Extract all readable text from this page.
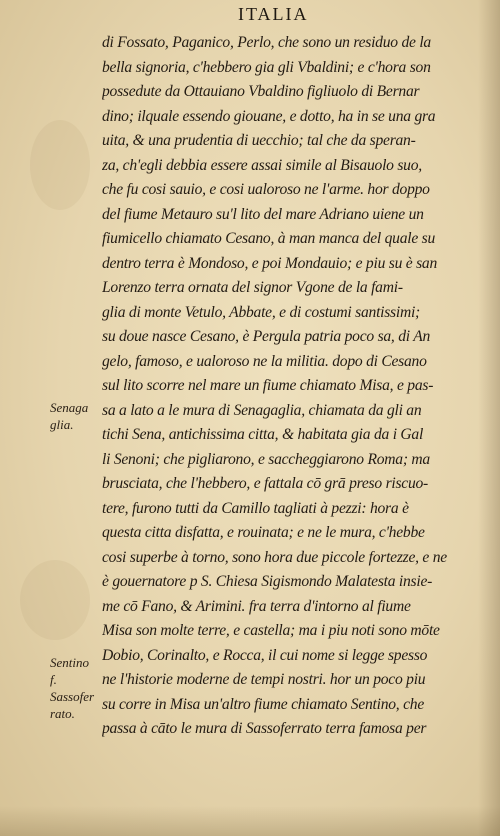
ITALIA
di Fossato, Paganico, Perlo, che sono un residuo de la
bella signoria, c'hebbero gia gli Vbaldini; e c'hora son
possedute da Ottauiano Vbaldino figliuolo di Bernar
dino; ilquale essendo giouane, e dotto, ha in se una gra
uita, & una prudentia di uecchio; tal che da speran-
za, ch'egli debbia essere assai simile al Bisauolo suo,
che fu cosi sauio, e cosi ualoroso ne l'arme. hor doppo
del fiume Metauro su'l lito del mare Adriano uiene un
fiumicello chiamato Cesano, à man manca del quale su
dentro terra è Mondoso, e poi Mondauio; e piu su è san
Lorenzo terra ornata del signor Vgone de la fami-
glia di monte Vetulo, Abbate, e di costumi santissimi;
su doue nasce Cesano, è Pergula patria poco sa, di An
gelo, famoso, e ualoroso ne la militia. dopo di Cesano
sul lito scorre nel mare un fiume chiamato Misa, e pas-
sa a lato a le mura di Senagaglia, chiamata da gli an
tichi Sena, antichissima citta, & habitata gia da i Gal
li Senoni; che pigliarono, e saccheggiarono Roma; ma
brusciata, che l'hebbero, e fattala cō grā preso riscuo-
tere, furono tutti da Camillo tagliati à pezzi: hora è
questa citta disfatta, e rouinata; e ne le mura, c'hebbe
cosi superbe à torno, sono hora due piccole fortezze, e ne
è gouernatore p S. Chiesa Sigismondo Malatesta insie-
me cō Fano, & Arimini. fra terra d'intorno al fiume
Misa son molte terre, e castella; ma i piu noti sono mōte
Dobio, Corinalto, e Rocca, il cui nome si legge spesso
ne l'historie moderne de tempi nostri. hor un poco piu
su corre in Misa un'altro fiume chiamato Sentino, che
passa à cāto le mura di Sassoferrato terra famosa per
Senaga
glia.
Sentino
f.
Sassofer
rato.
